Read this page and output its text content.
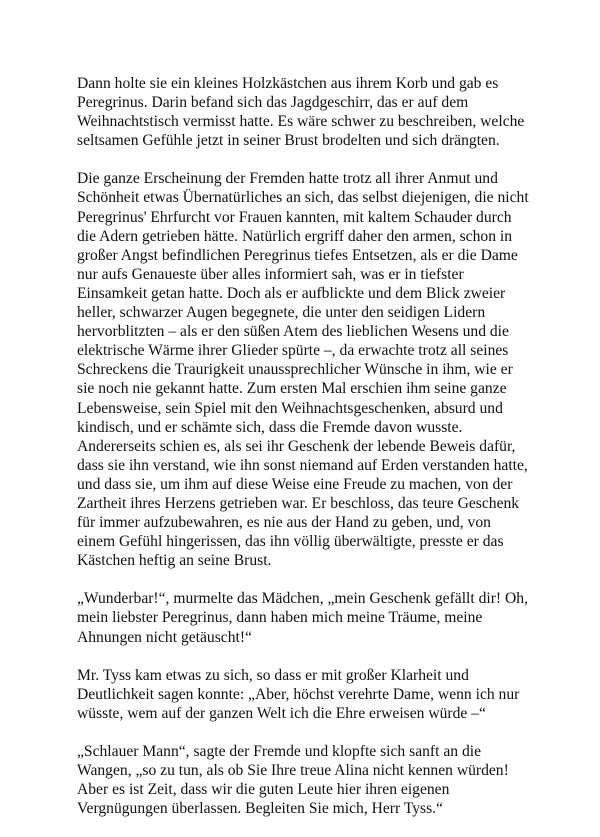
Dann holte sie ein kleines Holzkästchen aus ihrem Korb und gab es Peregrinus. Darin befand sich das Jagdgeschirr, das er auf dem Weihnachtstisch vermisst hatte. Es wäre schwer zu beschreiben, welche seltsamen Gefühle jetzt in seiner Brust brodelten und sich drängten.

Die ganze Erscheinung der Fremden hatte trotz all ihrer Anmut und Schönheit etwas Übernatürliches an sich, das selbst diejenigen, die nicht Peregrinus' Ehrfurcht vor Frauen kannten, mit kaltem Schauder durch die Adern getrieben hätte. Natürlich ergriff daher den armen, schon in großer Angst befindlichen Peregrinus tiefes Entsetzen, als er die Dame nur aufs Genaueste über alles informiert sah, was er in tiefster Einsamkeit getan hatte. Doch als er aufblickte und dem Blick zweier heller, schwarzer Augen begegnete, die unter den seidigen Lidern hervorblitzten – als er den süßen Atem des lieblichen Wesens und die elektrische Wärme ihrer Glieder spürte –, da erwachte trotz all seines Schreckens die Traurigkeit unaussprechlicher Wünsche in ihm, wie er sie noch nie gekannt hatte. Zum ersten Mal erschien ihm seine ganze Lebensweise, sein Spiel mit den Weihnachtsgeschenken, absurd und kindisch, und er schämte sich, dass die Fremde davon wusste. Andererseits schien es, als sei ihr Geschenk der lebende Beweis dafür, dass sie ihn verstand, wie ihn sonst niemand auf Erden verstanden hatte, und dass sie, um ihm auf diese Weise eine Freude zu machen, von der Zartheit ihres Herzens getrieben war. Er beschloss, das teure Geschenk für immer aufzubewahren, es nie aus der Hand zu geben, und, von einem Gefühl hingerissen, das ihn völlig überwältigte, presste er das Kästchen heftig an seine Brust.

„Wunderbar!“, murmelte das Mädchen, „mein Geschenk gefällt dir! Oh, mein liebster Peregrinus, dann haben mich meine Träume, meine Ahnungen nicht getäuscht!“

Mr. Tyss kam etwas zu sich, so dass er mit großer Klarheit und Deutlichkeit sagen konnte: „Aber, höchst verehrte Dame, wenn ich nur wüsste, wem auf der ganzen Welt ich die Ehre erweisen würde –“

„Schlauer Mann“, sagte der Fremde und klopfte sich sanft an die Wangen, „so zu tun, als ob Sie Ihre treue Alina nicht kennen würden! Aber es ist Zeit, dass wir die guten Leute hier ihren eigenen Vergnügungen überlassen. Begleiten Sie mich, Herr Tyss.“
